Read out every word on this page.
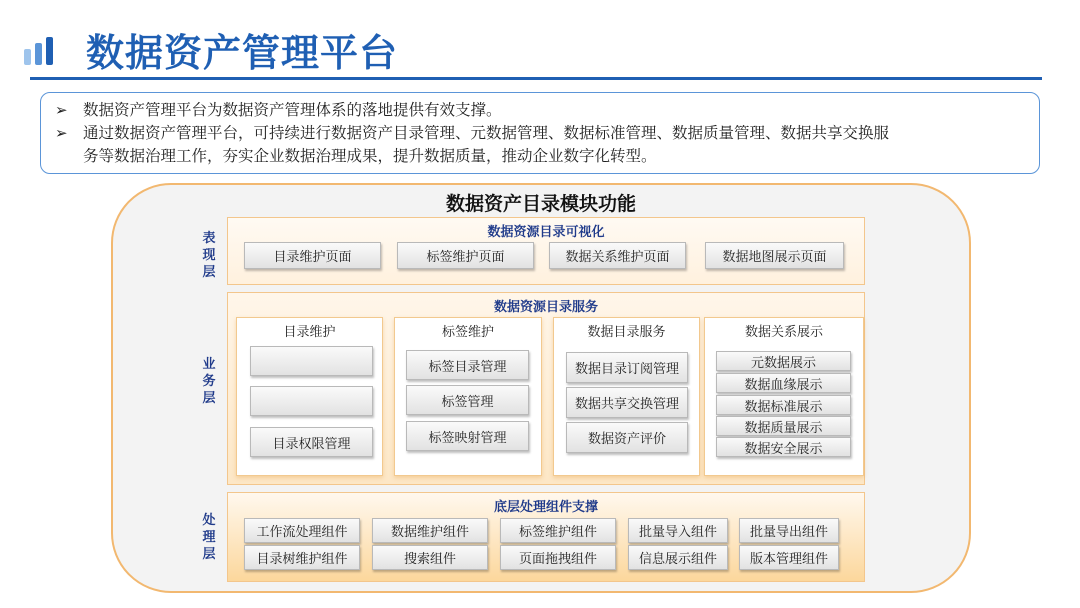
数据资产管理平台
➢ 数据资产管理平台为数据资产管理体系的落地提供有效支撑。
➢ 通过数据资产管理平台，可持续进行数据资产目录管理、元数据管理、数据标准管理、数据质量管理、数据共享交换服
务等数据治理工作，夯实企业数据治理成果，提升数据质量，推动企业数字化转型。
数据资产目录模块功能
表
现
层
业
务
层
处
理
层
数据资源目录可视化
目录维护页面	标签维护页面	数据关系维护页面	数据地图展示页面
数据资源目录服务
目录维护
目录权限管理
标签维护
标签目录管理
标签管理
标签映射管理
数据目录服务
数据目录订阅管理
数据共享交换管理
数据资产评价
数据关系展示
元数据展示
数据血缘展示
数据标准展示
数据质量展示
数据安全展示
底层处理组件支撑
工作流处理组件
目录树维护组件
数据维护组件
搜索组件
标签维护组件
页面拖拽组件
批量导入组件
信息展示组件
批量导出组件
版本管理组件
